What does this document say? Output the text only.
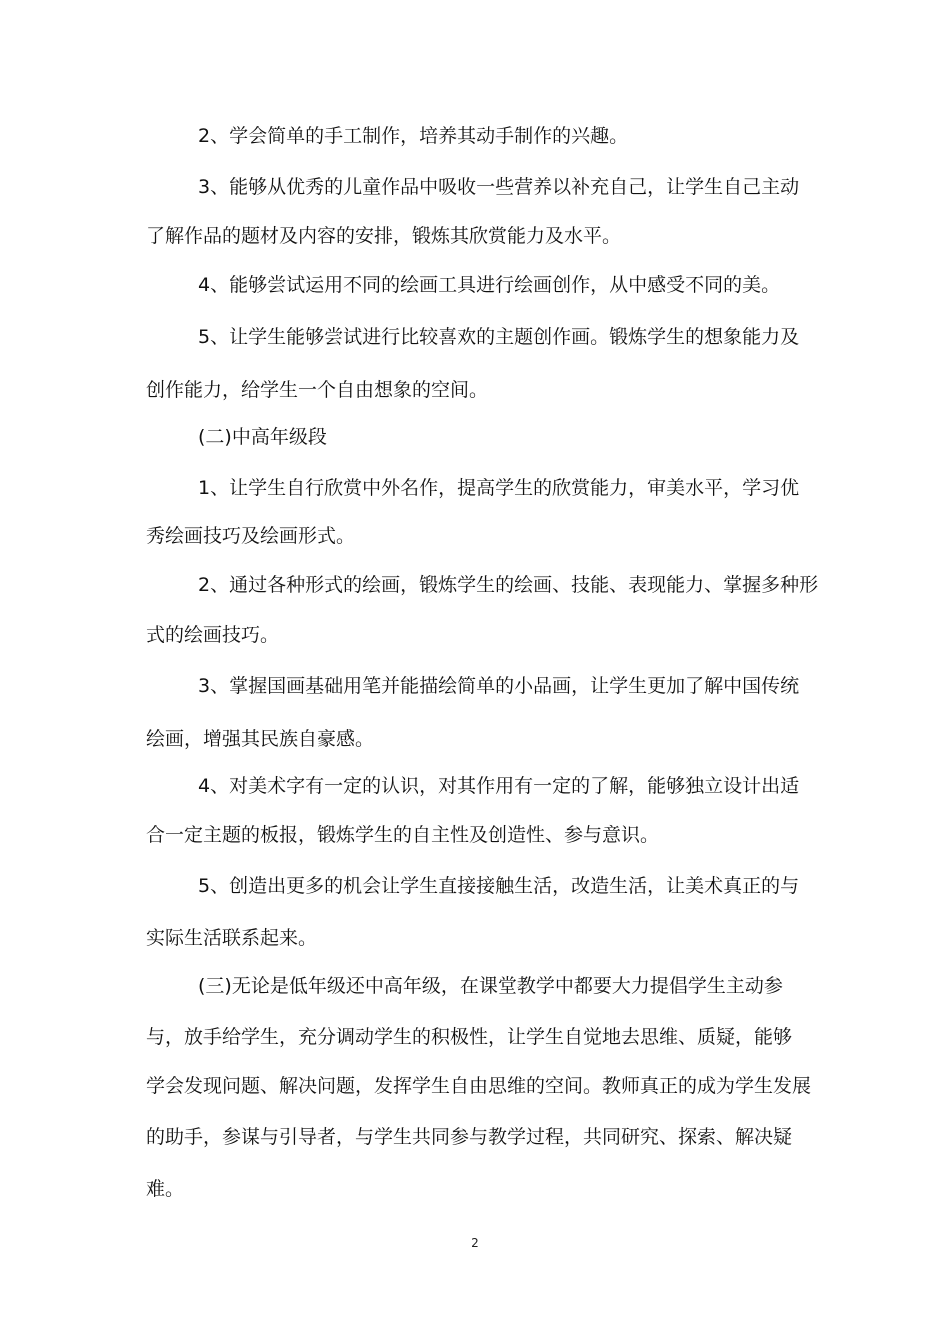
2、学会简单的手工制作，培养其动手制作的兴趣。
3、能够从优秀的儿童作品中吸收一些营养以补充自己，让学生自己主动
了解作品的题材及内容的安排，锻炼其欣赏能力及水平。
4、能够尝试运用不同的绘画工具进行绘画创作，从中感受不同的美。
5、让学生能够尝试进行比较喜欢的主题创作画。锻炼学生的想象能力及
创作能力，给学生一个自由想象的空间。
(二)中高年级段
1、让学生自行欣赏中外名作，提高学生的欣赏能力，审美水平，学习优
秀绘画技巧及绘画形式。
2、通过各种形式的绘画，锻炼学生的绘画、技能、表现能力、掌握多种形
式的绘画技巧。
3、掌握国画基础用笔并能描绘简单的小品画，让学生更加了解中国传统
绘画，增强其民族自豪感。
4、对美术字有一定的认识，对其作用有一定的了解，能够独立设计出适
合一定主题的板报，锻炼学生的自主性及创造性、参与意识。
5、创造出更多的机会让学生直接接触生活，改造生活，让美术真正的与
实际生活联系起来。
(三)无论是低年级还中高年级，在课堂教学中都要大力提倡学生主动参
与，放手给学生，充分调动学生的积极性，让学生自觉地去思维、质疑，能够
学会发现问题、解决问题，发挥学生自由思维的空间。教师真正的成为学生发展
的助手，参谋与引导者，与学生共同参与教学过程，共同研究、探索、解决疑
难。
2
